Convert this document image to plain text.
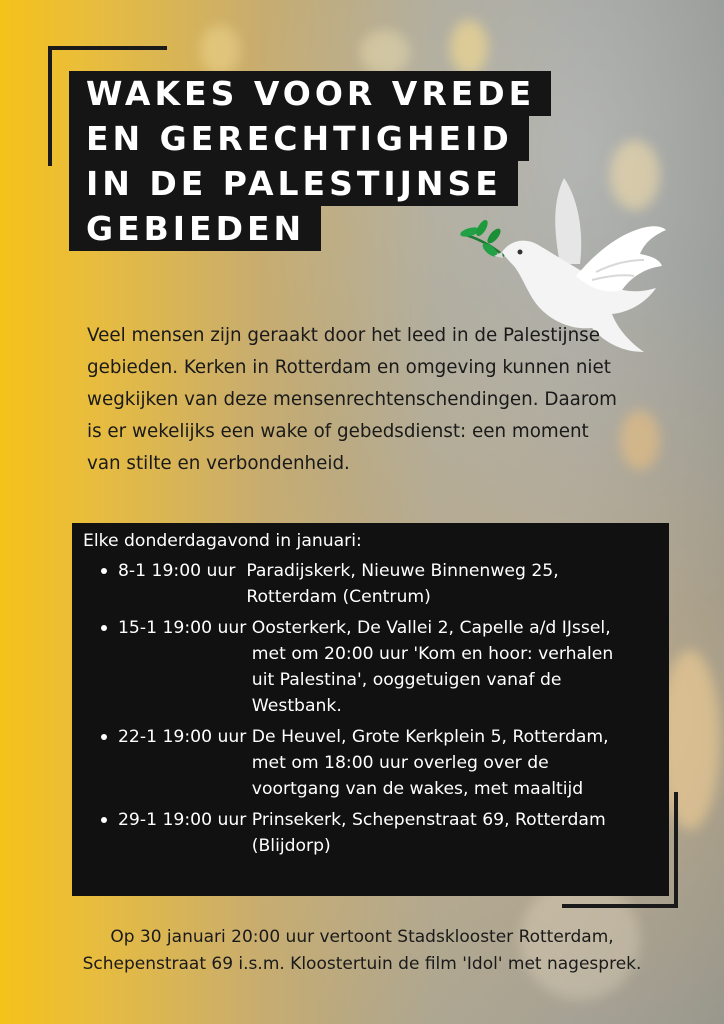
WAKES VOOR VREDE
EN GERECHTIGHEID
IN DE PALESTIJNSE
GEBIEDEN
Veel mensen zijn geraakt door het leed in de Palestijnse gebieden. Kerken in Rotterdam en omgeving kunnen niet wegkijken van deze mensenrechtenschendingen. Daarom is er wekelijks een wake of gebedsdienst: een moment van stilte en verbondenheid.
Elke donderdagavond in januari:
8-1 19:00 uur Paradijskerk, Nieuwe Binnenweg 25, Rotterdam (Centrum)
15-1 19:00 uur Oosterkerk, De Vallei 2, Capelle a/d IJssel, met om 20:00 uur 'Kom en hoor: verhalen uit Palestina', ooggetuigen vanaf de Westbank.
22-1 19:00 uur De Heuvel, Grote Kerkplein 5, Rotterdam, met om 18:00 uur overleg over de voortgang van de wakes, met maaltijd
29-1 19:00 uur Prinsekerk, Schepenstraat 69, Rotterdam (Blijdorp)
Op 30 januari 20:00 uur vertoont Stadsklooster Rotterdam,
Schepenstraat 69 i.s.m. Kloostertuin de film 'Idol' met nagesprek.
